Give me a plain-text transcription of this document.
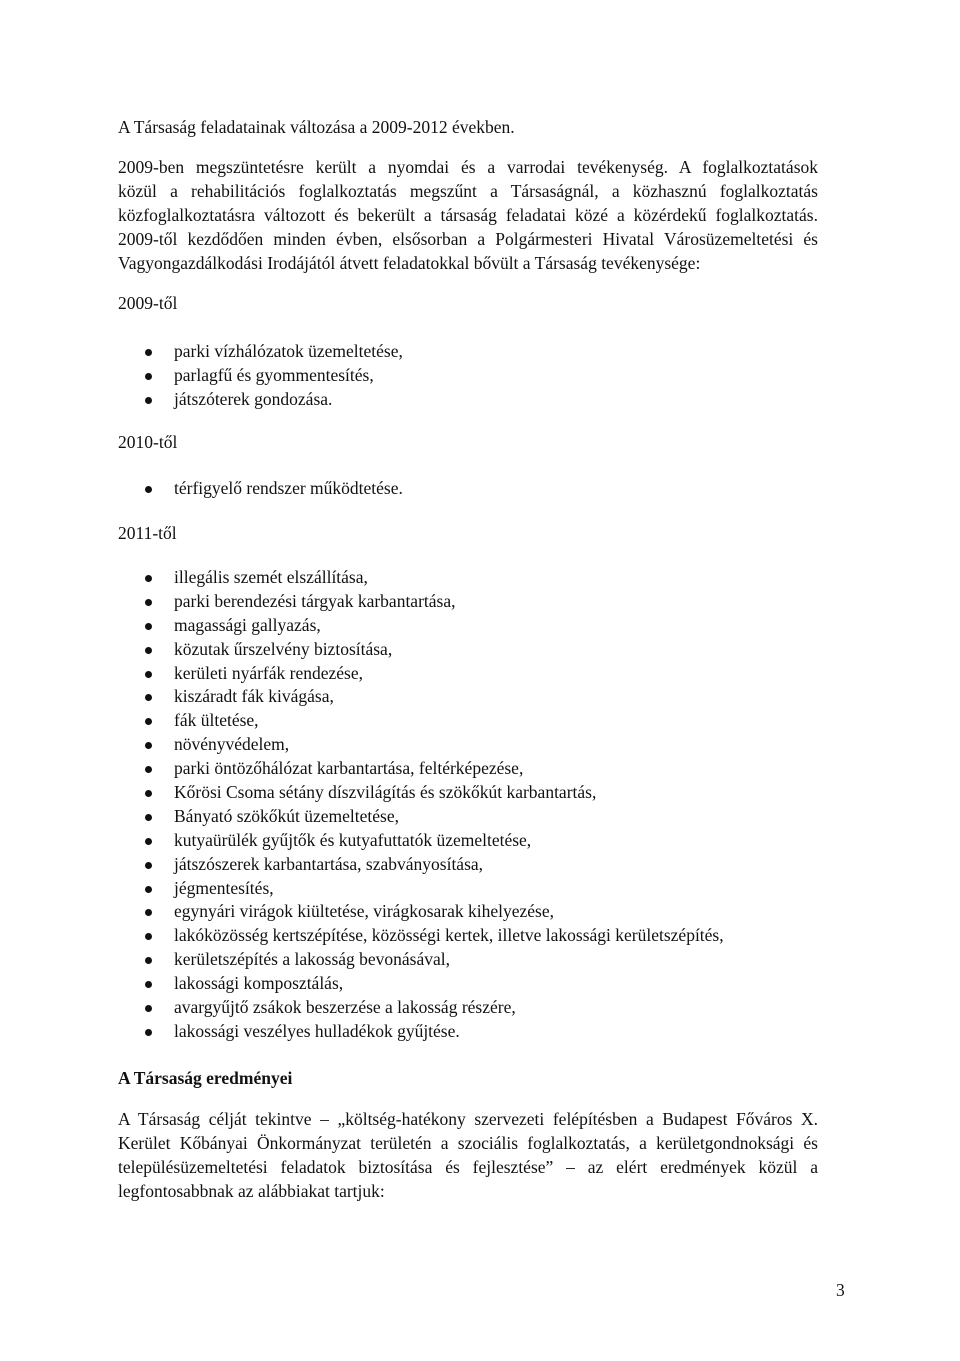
A Társaság feladatainak változása a 2009-2012 években.
2009-ben megszüntetésre került a nyomdai és a varrodai tevékenység. A foglalkoztatások
közül a rehabilitációs foglalkoztatás megszűnt a Társaságnál, a közhasznú foglalkoztatás
közfoglalkoztatásra változott és bekerült a társaság feladatai közé a közérdekű foglalkoztatás.
2009-től kezdődően minden évben, elsősorban a Polgármesteri Hivatal Városüzemeltetési és
Vagyongazdálkodási Irodájától átvett feladatokkal bővült a Társaság tevékenysége:
2009-től
parki vízhálózatok üzemeltetése,
parlagfű és gyommentesítés,
játszóterek gondozása.
2010-től
térfigyelő rendszer működtetése.
2011-től
illegális szemét elszállítása,
parki berendezési tárgyak karbantartása,
magassági gallyazás,
közutak űrszelvény biztosítása,
kerületi nyárfák rendezése,
kiszáradt fák kivágása,
fák ültetése,
növényvédelem,
parki öntözőhálózat karbantartása, feltérképezése,
Kőrösi Csoma sétány díszvilágítás és szökőkút karbantartás,
Bányató szökőkút üzemeltetése,
kutyaürülék gyűjtők és kutyafuttatók üzemeltetése,
játszószerek karbantartása, szabványosítása,
jégmentesítés,
egynyári virágok kiültetése, virágkosarak kihelyezése,
lakóközösség kertszépítése, közösségi kertek, illetve lakossági kerületszépítés,
kerületszépítés a lakosság bevonásával,
lakossági komposztálás,
avargyűjtő zsákok beszerzése a lakosság részére,
lakossági veszélyes hulladékok gyűjtése.
A Társaság eredményei
A Társaság célját tekintve – „költség-hatékony szervezeti felépítésben a Budapest Főváros X.
Kerület Kőbányai Önkormányzat területén a szociális foglalkoztatás, a kerületgondnoksági és
településüzemeltetési feladatok biztosítása és fejlesztése” – az elért eredmények közül a
legfontosabbnak az alábbiakat tartjuk:
3
